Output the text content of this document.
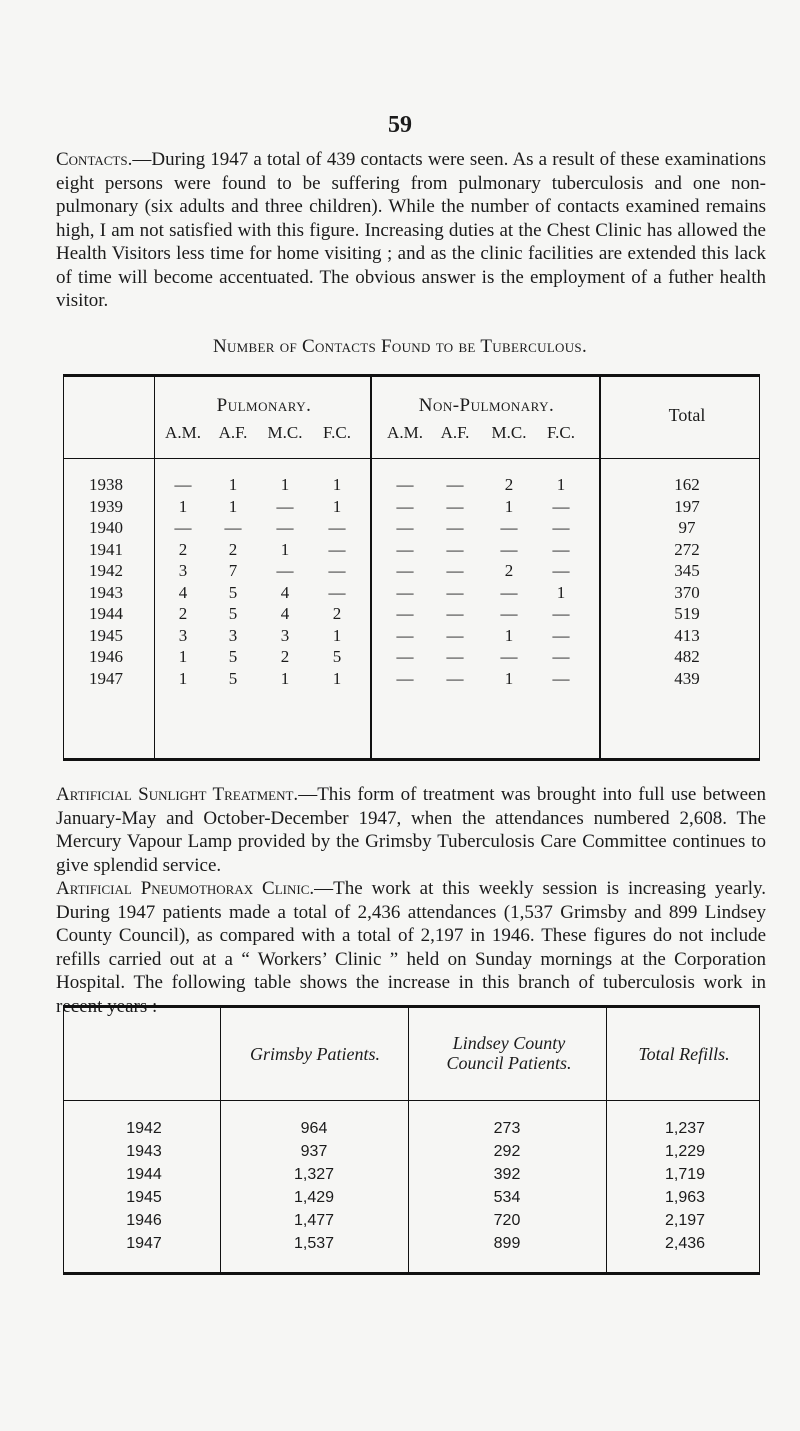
59

Contacts.—During 1947 a total of 439 contacts were seen. As a result of these examinations eight persons were found to be suffering from pulmonary tuberculosis and one non-pulmonary (six adults and three children). While the number of contacts examined remains high, I am not satisfied with this figure. Increasing duties at the Chest Clinic has allowed the Health Visitors less time for home visiting ; and as the clinic facilities are extended this lack of time will become accentuated. The obvious answer is the employment of a futher health visitor.

Number of Contacts Found to be Tuberculous.
Pulmonary.	Non-Pulmonary.	Total
A.M.	A.F.	M.C.	F.C.	A.M.	A.F.	M.C.	F.C.
1938	—	1	1	1	—	—	2	1	162
1939	1	1	—	1	—	—	1	—	197
1940	—	—	—	—	—	—	—	—	97
1941	2	2	1	—	—	—	—	—	272
1942	3	7	—	—	—	—	2	—	345
1943	4	5	4	—	—	—	—	1	370
1944	2	5	4	2	—	—	—	—	519
1945	3	3	3	1	—	—	1	—	413
1946	1	5	2	5	—	—	—	—	482
1947	1	5	1	1	—	—	1	—	439

Artificial Sunlight Treatment.—This form of treatment was brought into full use between January-May and October-December 1947, when the attendances numbered 2,608. The Mercury Vapour Lamp provided by the Grimsby Tuberculosis Care Committee continues to give splendid service.

Artificial Pneumothorax Clinic.—The work at this weekly session is increasing yearly. During 1947 patients made a total of 2,436 attendances (1,537 Grimsby and 899 Lindsey County Council), as compared with a total of 2,197 in 1946. These figures do not include refills carried out at a “ Workers’ Clinic ” held on Sunday mornings at the Corporation Hospital. The following table shows the increase in this branch of tuberculosis work in recent years :—

Grimsby Patients.
Lindsey County Council Patients.	Total Refills.
1942	964	273	1,237
1943	937	292	1,229
1944	1,327	392	1,719
1945	1,429	534	1,963
1946	1,477	720	2,197
1947	1,537	899	2,436
